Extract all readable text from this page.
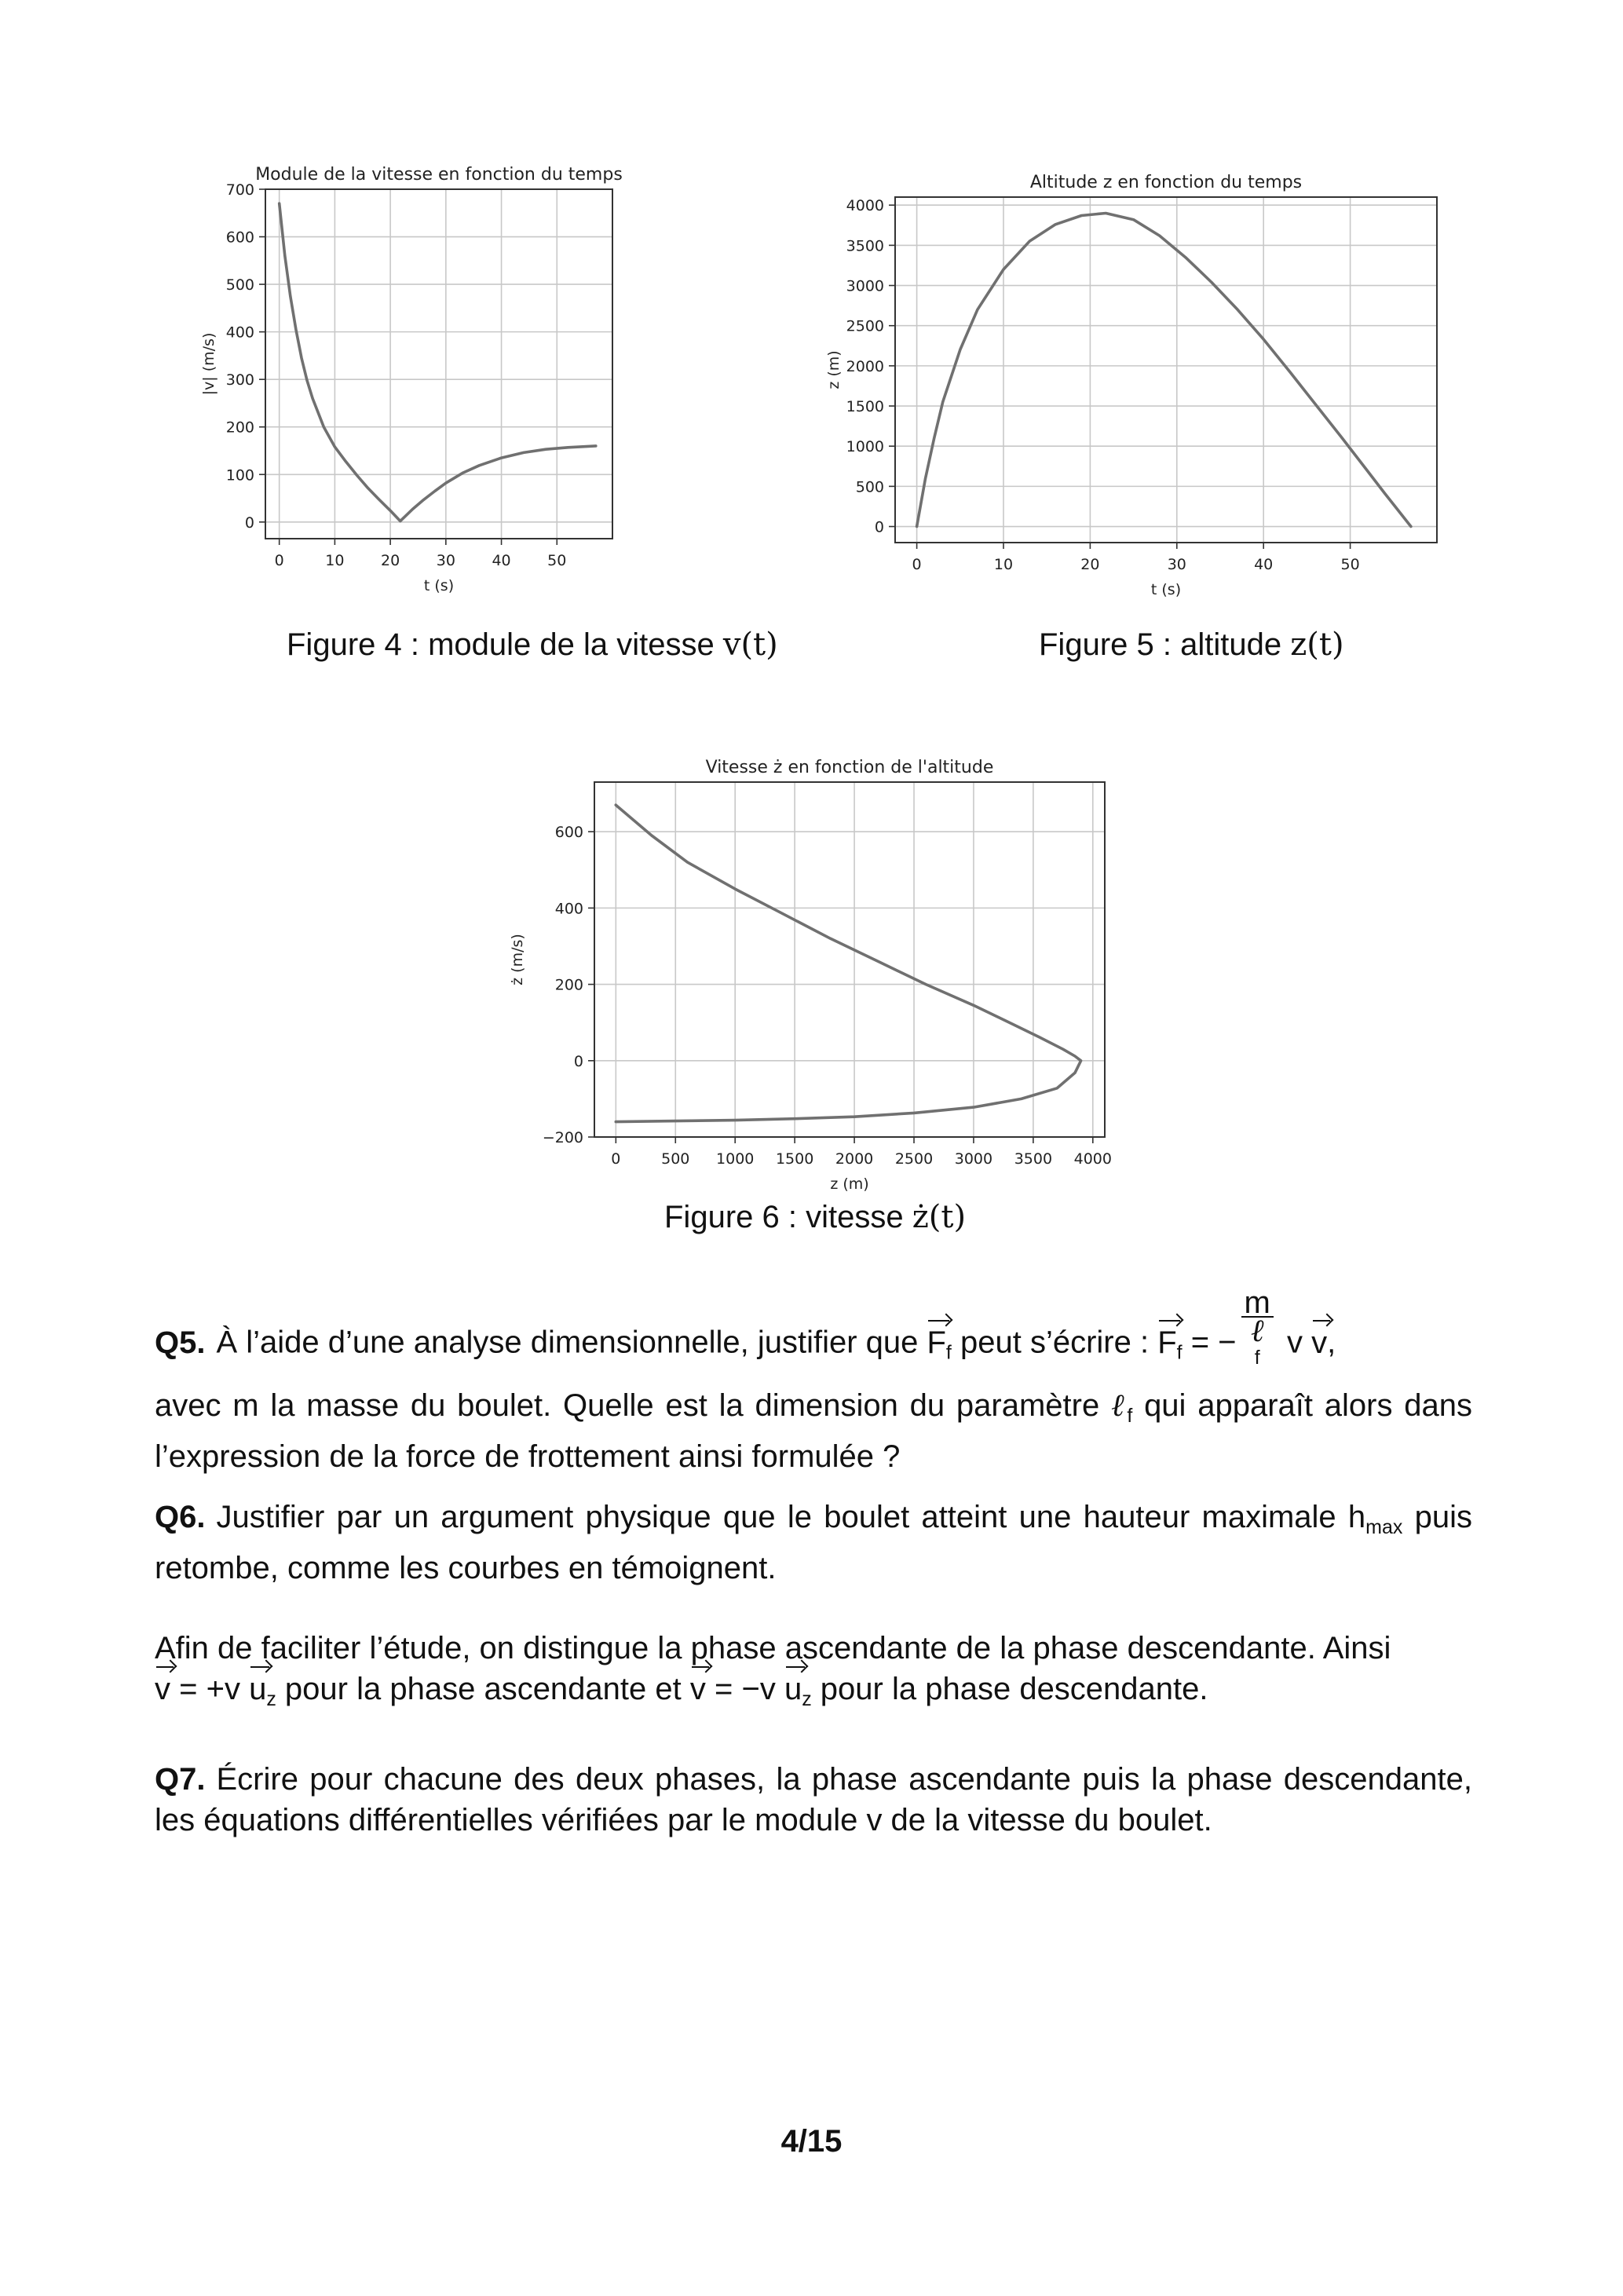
0	10 20 30 40 50
0
100
200
300
400
500
600
700
Module de la vitesse en fonction du temps
t (s)
|v| (m/s)
0	10	20	30	40	50
0
500
1000
1500
2000
2500
3000
3500
4000
Altitude z en fonction du temps
t (s)
z (m)
0	500 1000 1500 2000 2500 3000 3500 4000
−200
0
200
400
600
Vitesse ż en fonction de l'altitude
z (m)
ż (m/s)
Figure 4 : module de la vitesse v(t)	Figure 5 : altitude z(t)
Figure 6 : vitesse ż(t)
Q5. À l’aide d’une analyse dimensionnelle, justifier que $F_f$ peut s’écrire : $F_f$ = − m
ℓ
f v v,
avec m la masse du boulet. Quelle est la dimension du paramètre ℓ$_f$ qui apparaît alors dans l’expression de la force de frottement ainsi formulée ?
Q6. Justifier par un argument physique que le boulet atteint une hauteur maximale $h_{max}$ puis retombe, comme les courbes en témoignent.
Afin de faciliter l’étude, on distingue la phase ascendante de la phase descendante. Ainsi
v = +v $u_z$ pour la phase ascendante et v = −v $u_z$ pour la phase descendante.
Q7. Écrire pour chacune des deux phases, la phase ascendante puis la phase descendante, les équations différentielles vérifiées par le module v de la vitesse du boulet.
4/15
